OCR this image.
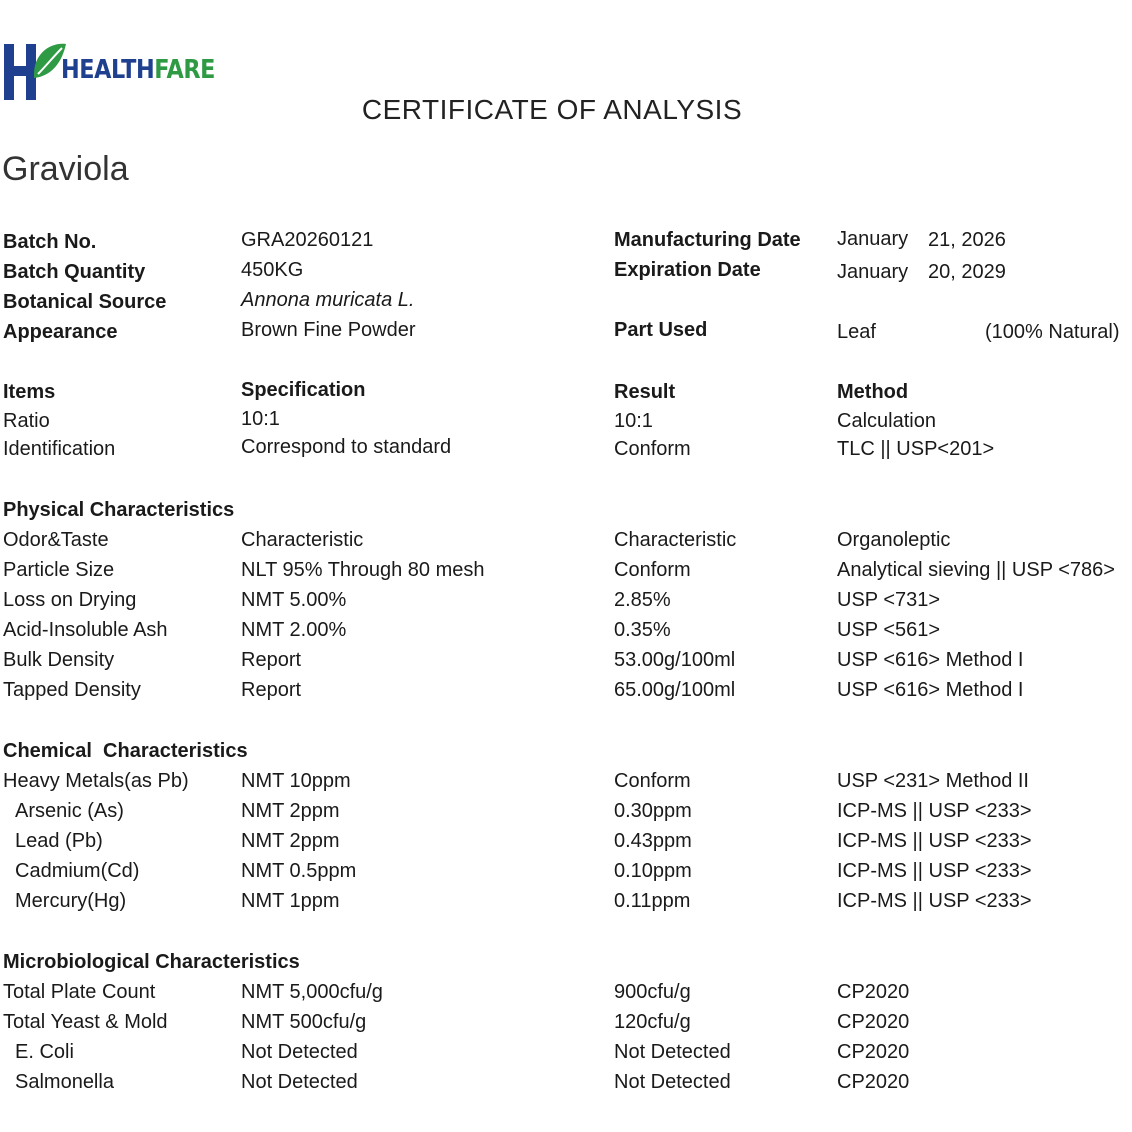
HEALTHFARE
CERTIFICATE OF ANALYSIS
Graviola
Batch No.	GRA20260121	Manufacturing Date January 21, 2026
Batch Quantity	450KG	Expiration Date	January 20, 2029
Botanical Source	Annona muricata L.
Appearance	Brown Fine Powder	Part Used	Leaf	(100% Natural)
Items	Specification	Result	Method
Ratio	10:1	10:1	Calculation
Identification	Correspond to standard	Conform	TLC || USP<201>
Physical Characteristics
Odor&Taste	Characteristic	Characteristic	Organoleptic
Particle Size	NLT 95% Through 80 mesh	Conform	Analytical sieving || USP <786>
Loss on Drying	NMT 5.00%	2.85%	USP <731>
Acid-Insoluble Ash	NMT 2.00%	0.35%	USP <561>
Bulk Density	Report	53.00g/100ml	USP <616> Method I
Tapped Density	Report	65.00g/100ml	USP <616> Method I
Chemical  Characteristics
Heavy Metals(as Pb)	NMT 10ppm	Conform	USP <231> Method II
Arsenic (As)	NMT 2ppm	0.30ppm	ICP-MS || USP <233>
Lead (Pb)	NMT 2ppm	0.43ppm	ICP-MS || USP <233>
Cadmium(Cd)	NMT 0.5ppm	0.10ppm	ICP-MS || USP <233>
Mercury(Hg)	NMT 1ppm	0.11ppm	ICP-MS || USP <233>
Microbiological Characteristics
Total Plate Count	NMT 5,000cfu/g	900cfu/g	CP2020
Total Yeast & Mold	NMT 500cfu/g	120cfu/g	CP2020
E. Coli	Not Detected	Not Detected	CP2020
Salmonella	Not Detected	Not Detected	CP2020
